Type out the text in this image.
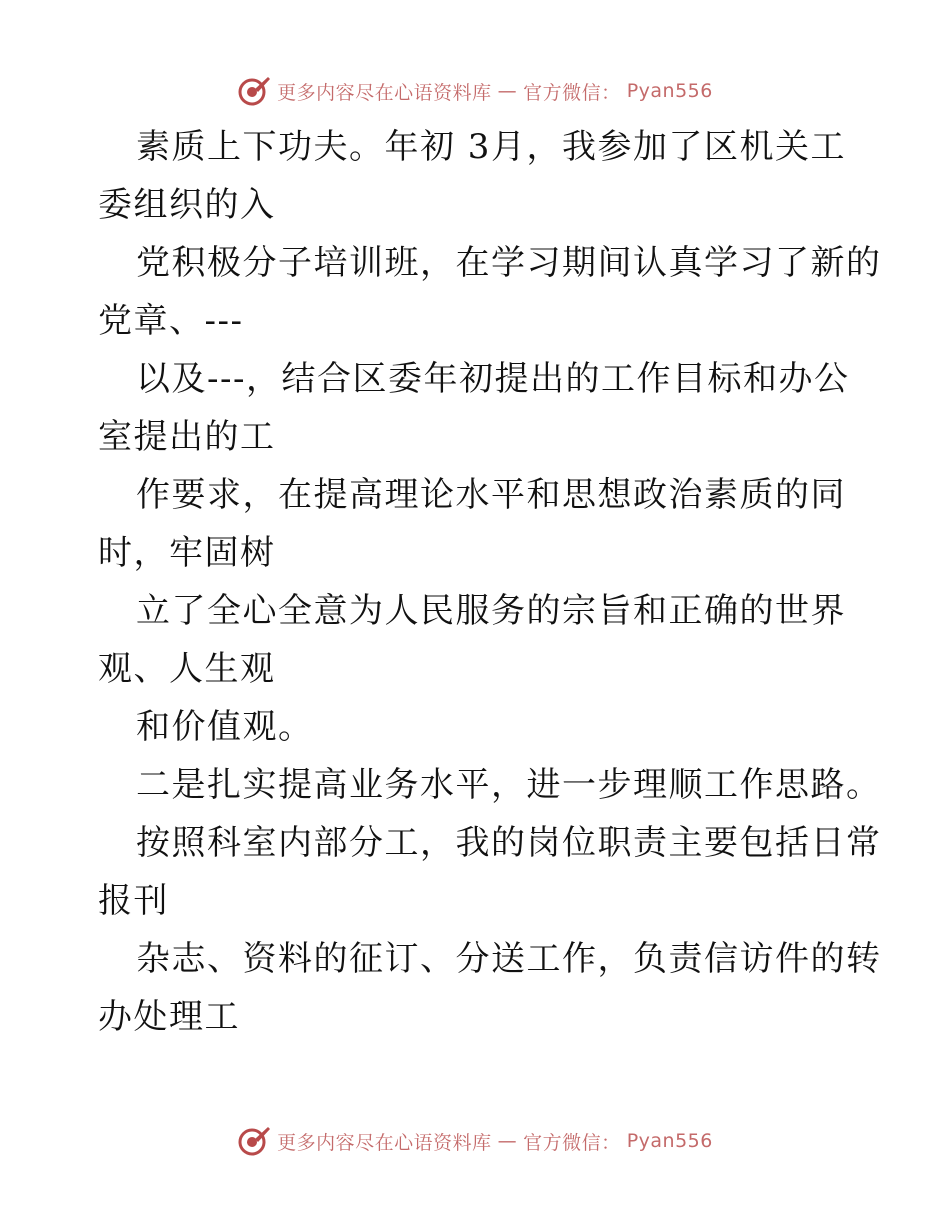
更多内容尽在心语资料库 — 官方微信： Pyan556
素质上下功夫。年初 3月，我参加了区机关工
委组织的入
党积极分子培训班，在学习期间认真学习了新的
党章、---
以及---，结合区委年初提出的工作目标和办公
室提出的工
作要求，在提高理论水平和思想政治素质的同
时，牢固树
立了全心全意为人民服务的宗旨和正确的世界
观、人生观
和价值观。
二是扎实提高业务水平，进一步理顺工作思路。
按照科室内部分工，我的岗位职责主要包括日常
报刊
杂志、资料的征订、分送工作，负责信访件的转
办处理工
更多内容尽在心语资料库 — 官方微信： Pyan556
